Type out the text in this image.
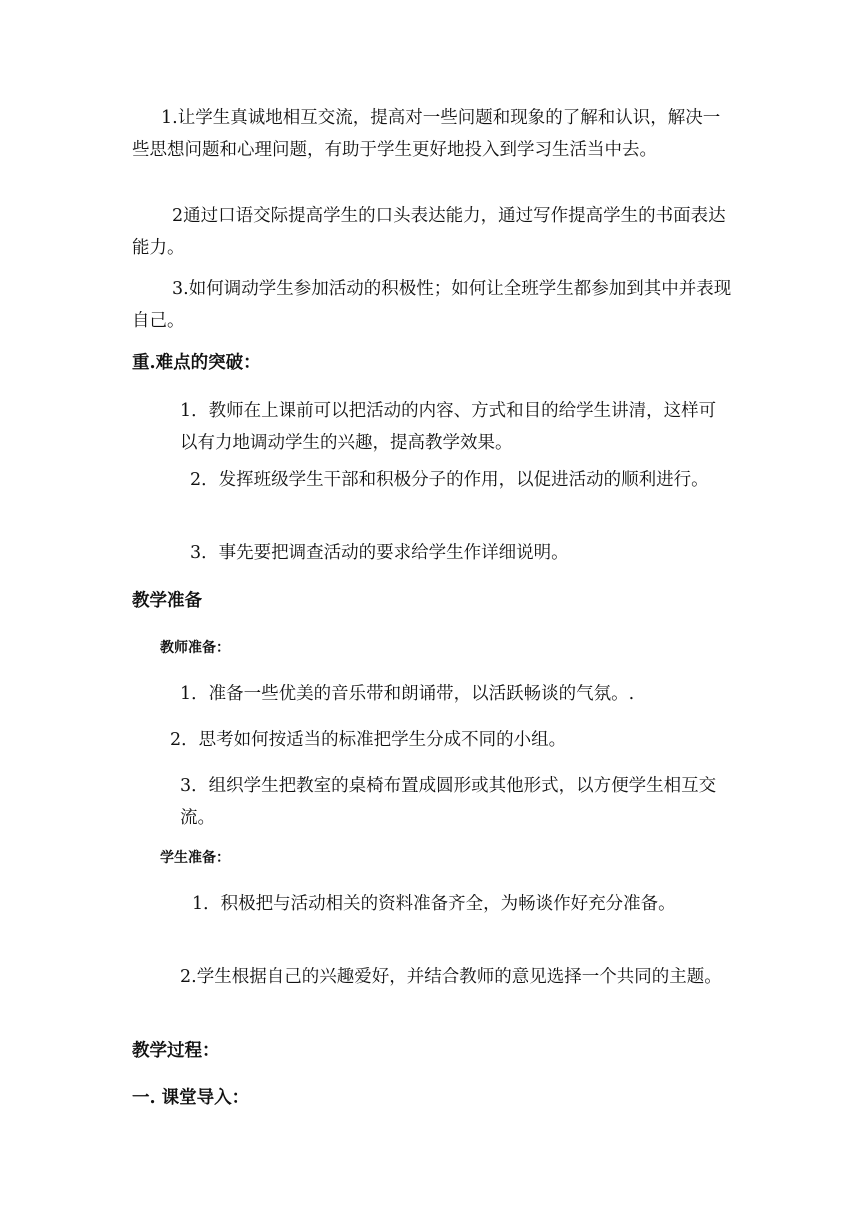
1.让学生真诚地相互交流，提高对一些问题和现象的了解和认识，解决一些思想问题和心理问题，有助于学生更好地投入到学习生活当中去。

2通过口语交际提高学生的口头表达能力，通过写作提高学生的书面表达能力。

3.如何调动学生参加活动的积极性；如何让全班学生都参加到其中并表现自己。

重.难点的突破：

1．教师在上课前可以把活动的内容、方式和目的给学生讲清，这样可以有力地调动学生的兴趣，提高教学效果。

2．发挥班级学生干部和积极分子的作用，以促进活动的顺利进行。

3．事先要把调查活动的要求给学生作详细说明。

教学准备

教师准备：

1．准备一些优美的音乐带和朗诵带，以活跃畅谈的气氛。.

2．思考如何按适当的标准把学生分成不同的小组。

3．组织学生把教室的桌椅布置成圆形或其他形式，以方便学生相互交流。

学生准备：

1．积极把与活动相关的资料准备齐全，为畅谈作好充分准备。

2.学生根据自己的兴趣爱好，并结合教师的意见选择一个共同的主题。

教学过程：

一. 课堂导入：
